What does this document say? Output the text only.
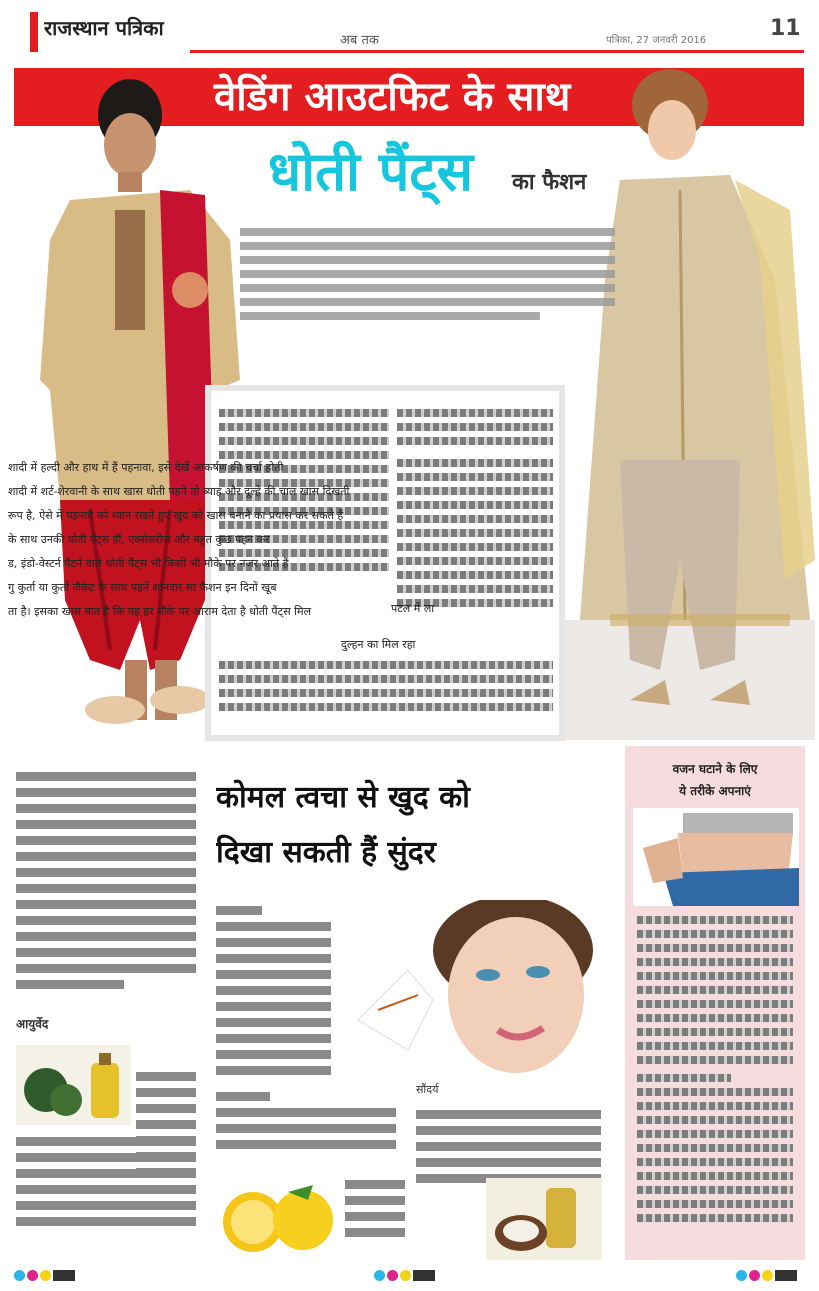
राजस्थान पत्रिका
अब तक	पत्रिका, 27 जनवरी 2016	11
वेडिंग आउटफिट के साथ
धोती पैंट्स	का फैशन
पटल में ला
दुल्हन का मिल रहा
शादी में हल्दी और हाथ में हैं पहनावा, इसे देखें आकर्षण की चर्चा होती
शादी में शर्ट-शेरवानी के साथ खास धोती पहनें तो ब्याह और दूल्हे की चाल खास दिखती
रूप है, ऐसे में पहनावे को ध्यान रखते हुए खुद को खास बनाने का प्रयास कर सकते हैं
के साथ उनकी धोती पैंट्स हीं, एक्सेसरीज़ और बहुत कुछ पहन कर
ड, इंडो-वेस्टर्न पैटर्न वाले धोती पैंट्स भी किसी भी मौके पर नजर आते हैं
गु कुर्ता या कुर्ता जैकेट के साथ पहनें शानदार सा फैशन इन दिनों खूब
ता है। इसका खास बात है कि यह हर मौके पर आराम देता है धोती पैंट्स मिल
आयुर्वेद
कोमल त्वचा से खुद को
दिखा सकती हैं सुंदर
सौंदर्य
वजन घटाने के लिए
ये तरीके अपनाएं
